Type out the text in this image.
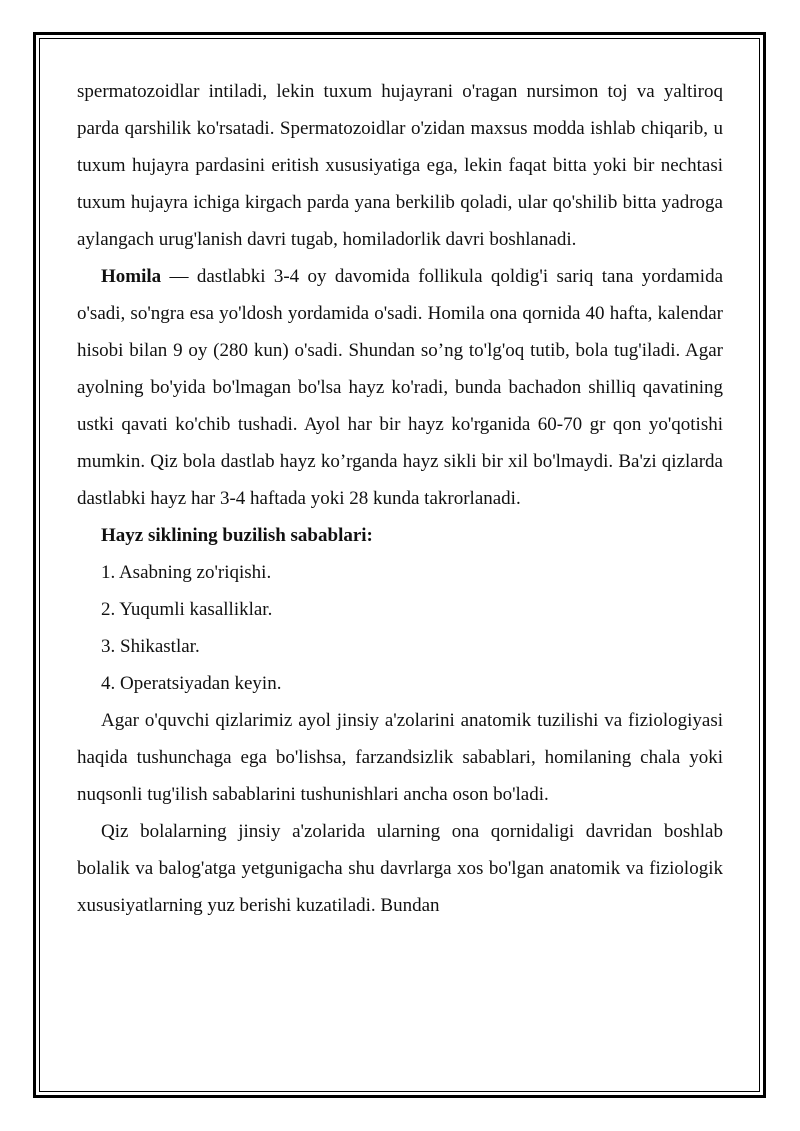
spermatozoidlar intiladi, lekin tuxum hujayrani o'ragan nursimon toj va yaltiroq parda qarshilik ko'rsatadi. Spermatozoidlar o'zidan maxsus modda ishlab chiqarib, u tuxum hujayra pardasini eritish xususiyatiga ega, lekin faqat bitta yoki bir nechtasi tuxum hujayra ichiga kirgach parda yana berkilib qoladi, ular qo'shilib bitta yadroga aylangach urug'lanish davri tugab, homiladorlik davri boshlanadi.

Homila — dastlabki 3-4 oy davomida follikula qoldig'i sariq tana yordamida o'sadi, so'ngra esa yo'ldosh yordamida o'sadi. Homila ona qornida 40 hafta, kalendar hisobi bilan 9 oy (280 kun) o'sadi. Shundan so’ng to'lg'oq tutib, bola tug'iladi. Agar ayolning bo'yida bo'lmagan bo'lsa hayz ko'radi, bunda bachadon shilliq qavatining ustki qavati ko'chib tushadi. Ayol har bir hayz ko'rganida 60-70 gr qon yo'qotishi mumkin. Qiz bola dastlab hayz ko’rganda hayz sikli bir xil bo'lmaydi. Ba'zi qizlarda dastlabki hayz har 3-4 haftada yoki 28 kunda takrorlanadi.

Hayz siklining buzilish sabablari:

1. Asabning zo'riqishi.

2. Yuqumli kasalliklar.

3. Shikastlar.

4. Operatsiyadan keyin.

Agar o'quvchi qizlarimiz ayol jinsiy a'zolarini anatomik tuzilishi va fiziologiyasi haqida tushunchaga ega bo'lishsa, farzandsizlik sabablari, homilaning chala yoki nuqsonli tug'ilish sabablarini tushunishlari ancha oson bo'ladi.

Qiz bolalarning jinsiy a'zolarida ularning ona qornidaligi davridan boshlab bolalik va balog'atga yetgunigacha shu davrlarga xos bo'lgan anatomik va fiziologik xususiyatlarning yuz berishi kuzatiladi. Bundan
